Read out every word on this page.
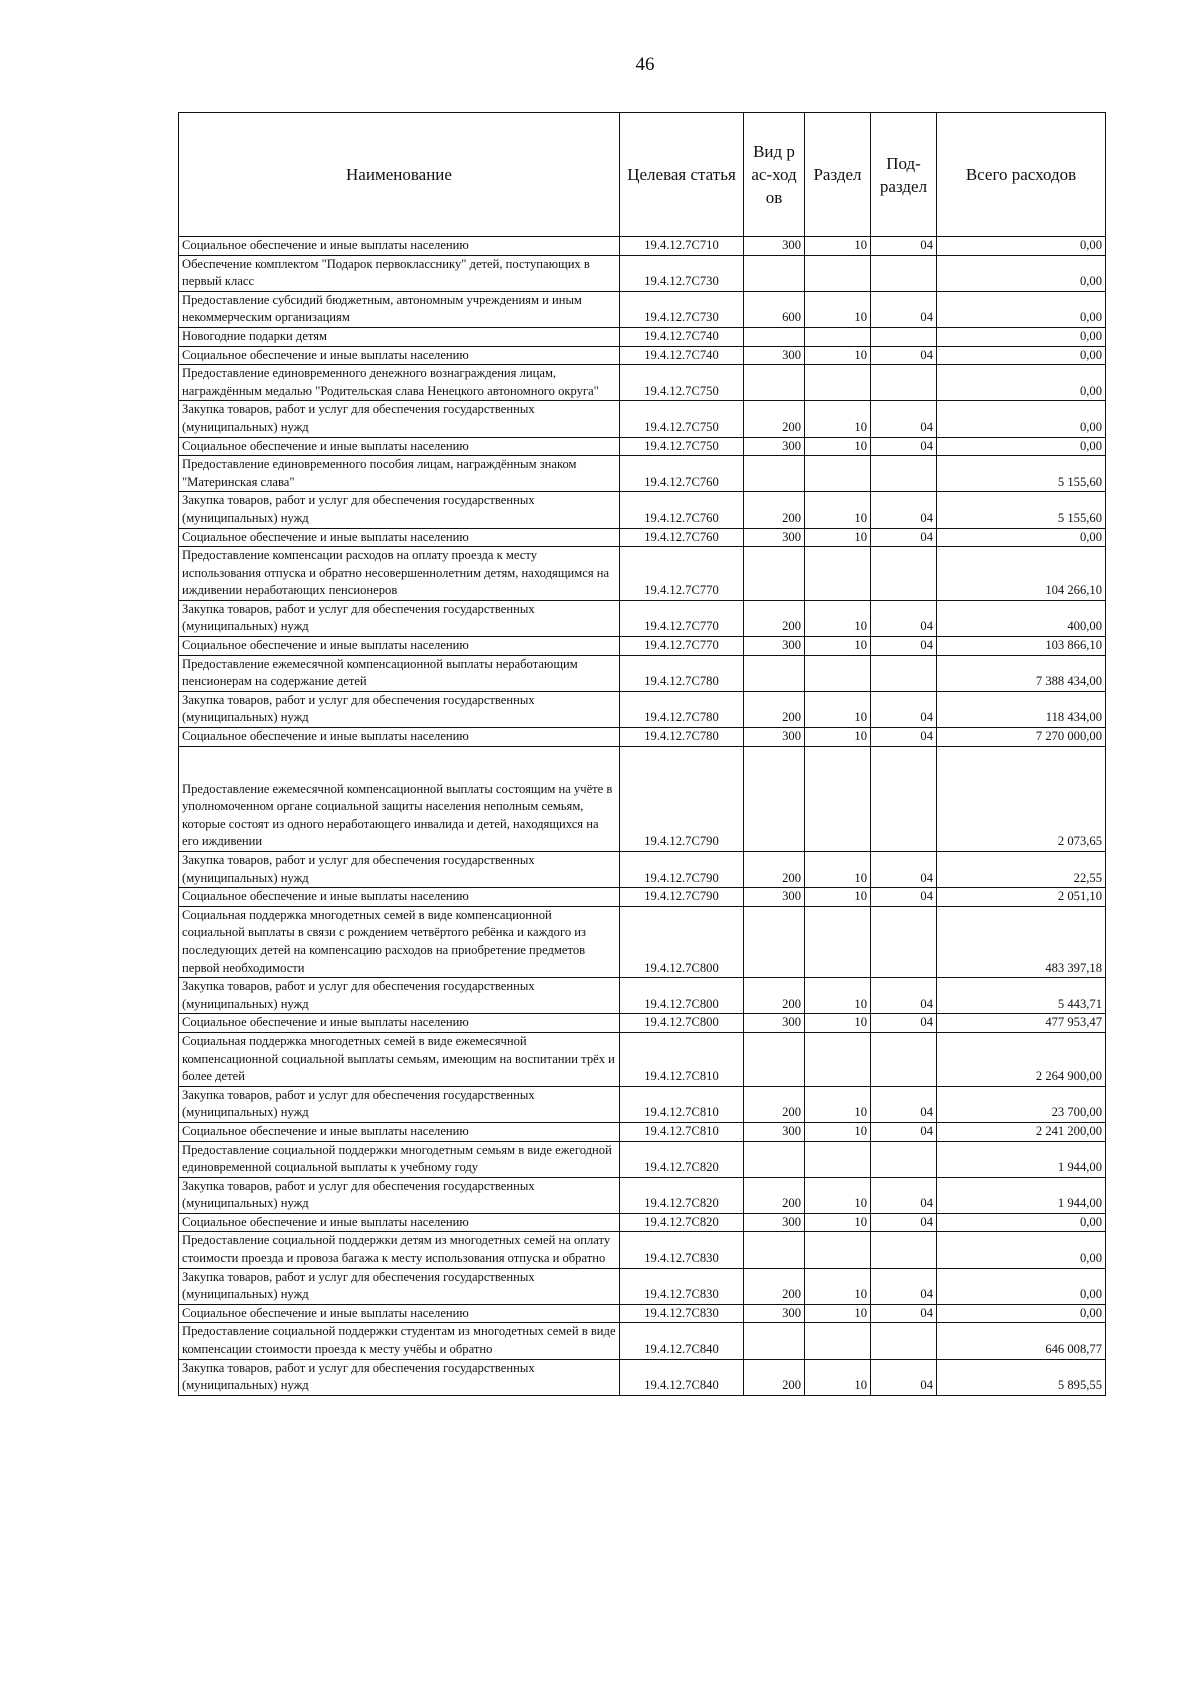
46
Наименование	Целевая статья	Вид рас-ходов	Раздел	Под-раздел	Всего расходов
Социальное обеспечение и иные выплаты населению	19.4.12.7С710	300	10	04	0,00
Обеспечение комплектом "Подарок первокласснику" детей, поступающих в первый класс	19.4.12.7С730				0,00
Предоставление субсидий бюджетным, автономным учреждениям и иным некоммерческим организациям	19.4.12.7С730	600	10	04	0,00
Новогодние подарки детям	19.4.12.7С740				0,00
Социальное обеспечение и иные выплаты населению	19.4.12.7С740	300	10	04	0,00
Предоставление единовременного денежного вознаграждения лицам, награждённым медалью "Родительская слава Ненецкого автономного округа"	19.4.12.7С750				0,00
Закупка товаров, работ и услуг для обеспечения государственных (муниципальных) нужд	19.4.12.7С750	200	10	04	0,00
Социальное обеспечение и иные выплаты населению	19.4.12.7С750	300	10	04	0,00
Предоставление единовременного пособия лицам, награждённым знаком "Материнская слава"	19.4.12.7С760				5 155,60
Закупка товаров, работ и услуг для обеспечения государственных (муниципальных) нужд	19.4.12.7С760	200	10	04	5 155,60
Социальное обеспечение и иные выплаты населению	19.4.12.7С760	300	10	04	0,00
Предоставление компенсации расходов на оплату проезда к месту использования отпуска и обратно несовершеннолетним детям, находящимся на иждивении неработающих пенсионеров	19.4.12.7С770				104 266,10
Закупка товаров, работ и услуг для обеспечения государственных (муниципальных) нужд	19.4.12.7С770	200	10	04	400,00
Социальное обеспечение и иные выплаты населению	19.4.12.7С770	300	10	04	103 866,10
Предоставление ежемесячной компенсационной выплаты неработающим пенсионерам на содержание детей	19.4.12.7С780				7 388 434,00
Закупка товаров, работ и услуг для обеспечения государственных (муниципальных) нужд	19.4.12.7С780	200	10	04	118 434,00
Социальное обеспечение и иные выплаты населению	19.4.12.7С780	300	10	04	7 270 000,00
Предоставление ежемесячной компенсационной выплаты состоящим на учёте в уполномоченном органе социальной защиты населения неполным семьям, которые состоят из одного неработающего инвалида и детей, находящихся на его иждивении	19.4.12.7С790				2 073,65
Закупка товаров, работ и услуг для обеспечения государственных (муниципальных) нужд	19.4.12.7С790	200	10	04	22,55
Социальное обеспечение и иные выплаты населению	19.4.12.7С790	300	10	04	2 051,10
Социальная поддержка многодетных семей в виде компенсационной социальной выплаты в связи с рождением четвёртого ребёнка и каждого из последующих детей на компенсацию расходов на приобретение предметов первой необходимости	19.4.12.7С800				483 397,18
Закупка товаров, работ и услуг для обеспечения государственных (муниципальных) нужд	19.4.12.7С800	200	10	04	5 443,71
Социальное обеспечение и иные выплаты населению	19.4.12.7С800	300	10	04	477 953,47
Социальная поддержка многодетных семей в виде ежемесячной компенсационной социальной выплаты семьям, имеющим на воспитании трёх и более детей	19.4.12.7С810				2 264 900,00
Закупка товаров, работ и услуг для обеспечения государственных (муниципальных) нужд	19.4.12.7С810	200	10	04	23 700,00
Социальное обеспечение и иные выплаты населению	19.4.12.7С810	300	10	04	2 241 200,00
Предоставление социальной поддержки многодетным семьям в виде ежегодной единовременной социальной выплаты к учебному году	19.4.12.7С820				1 944,00
Закупка товаров, работ и услуг для обеспечения государственных (муниципальных) нужд	19.4.12.7С820	200	10	04	1 944,00
Социальное обеспечение и иные выплаты населению	19.4.12.7С820	300	10	04	0,00
Предоставление социальной поддержки детям из многодетных семей на оплату стоимости проезда и провоза багажа к месту использования отпуска и обратно	19.4.12.7С830				0,00
Закупка товаров, работ и услуг для обеспечения государственных (муниципальных) нужд	19.4.12.7С830	200	10	04	0,00
Социальное обеспечение и иные выплаты населению	19.4.12.7С830	300	10	04	0,00
Предоставление социальной поддержки студентам из многодетных семей в виде компенсации стоимости проезда к месту учёбы и обратно	19.4.12.7С840				646 008,77
Закупка товаров, работ и услуг для обеспечения государственных (муниципальных) нужд	19.4.12.7С840	200	10	04	5 895,55
